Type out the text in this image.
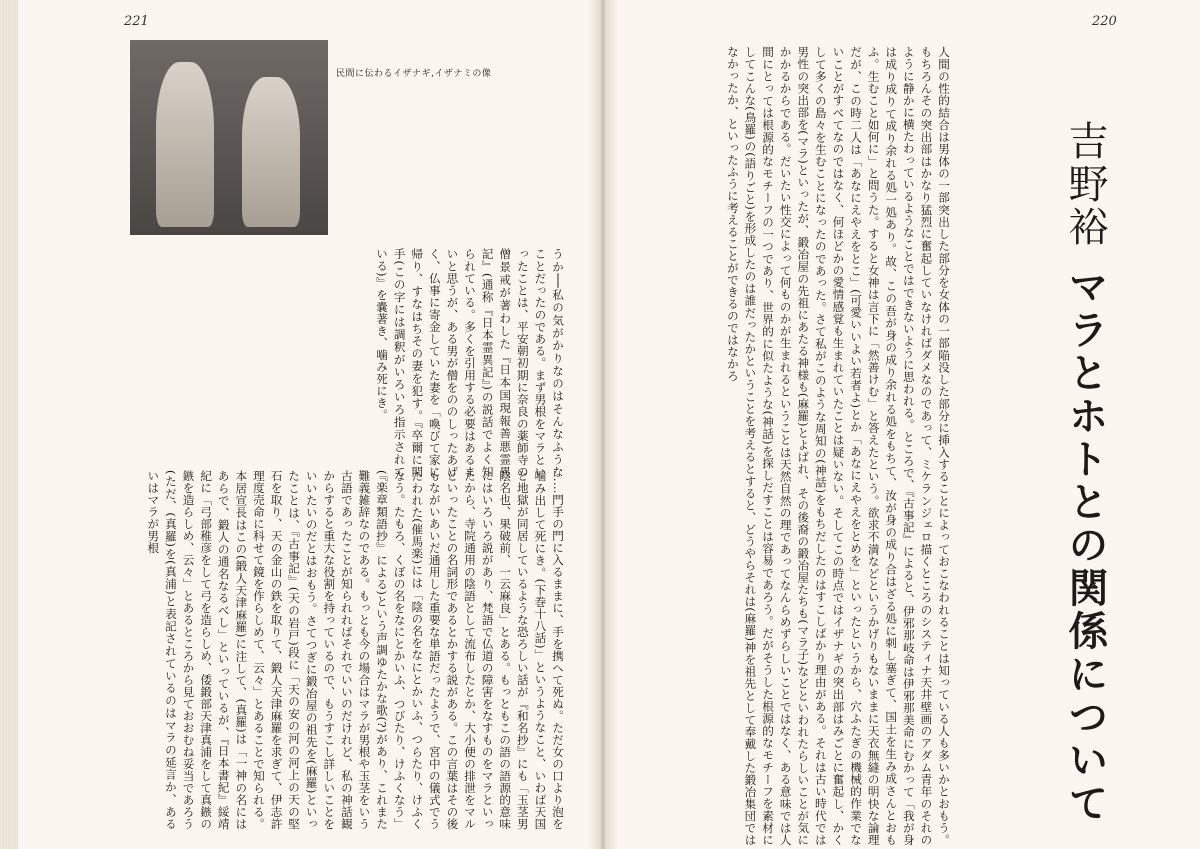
221
民間に伝わるイザナギ,イザナミの像
うか──私の気がかりなのはそんなふうなことだったのである。まず男根をマラといったことは、平安朝初期に奈良の薬師寺の僧景戒が著わした『日本国現報善悪霊異記』(通称『日本霊異記』)の説話でよく知られている。多くを引用する必要はあるまいと思うが、ある男が僧をののしったあげく、仏事に寄金していた妻を「喚びて家に帰り、すなはちその妻を犯す。『卒爾に閇手(この字には調釈がいろいろ指示されている)』を嚢著き、噛み死にき。
……門手の門に入るままに、手を携へて死ぬ。ただ女の口より泡を噛み出して死にき。(下巻十八話)」というようなこと、いわば天国と地獄が同居しているような恐ろしい話が『和名抄』にも「玉茎男陰名也、果破前、一云麻良」とある。もっともこの語の語源的意味にはいろいろ説があり、梵語で仏道の障害をなすものをマラといったから、寺院通用の陰語として流布したとか、大小便の排泄をマルといったことの名詞形であるとかする説がある。この言葉はその後もながいあいだ通用した重要な単語だったようで、宮中の儀式でうたわれた(催馬楽)には「陰の名をなにとかいふ、つらたり、けふくなう。たもろ、くぼの名をなにとかいふ、つびたり、けふくなう」(『楽章類語抄』による)という声調ゆたかな歌(?)があり、これまた難義雑辞なのである。もっとも今の場合はマラが男根や玉茎をいう古語であったことが知られればそれでいいのだけれど、私の神話観からすると重大な役割を持っているので、もうすこし詳しいことをいいたいのだとはおもう。さてつぎに鍛冶屋の祖先を(麻羅)といったことは、『古事記』(天の岩戸)段に「天の安の河の河上の天の堅石を取り、天の金山の鉄を取りて、鍛人天津麻羅を求ぎて、伊志許理度売命に科せて鏡を作らしめて、云々」とあることで知られる。本居宣長はこの(鍛人天津麻羅)に注して、(真羅)は「一神の名にはあらで、鍛人の通名なるべし」といっているが、『日本書紀』綏靖紀に「弓部稚彦をして弓を造らしめ、倭鍛部天津真浦をして真鏃の鏃を造らしめ、云々」とあるところから見ておおむね妥当であろう(ただ、(真羅)を(真浦)と表記されているのはマラの延言か、あるいはマラが男根
220
人間の性的結合は男体の一部突出した部分を女体の一部陥没した部分に挿入することによっておこなわれることは知っている人も多いかとおもう。もちろんその突出部はかなり猛烈に奮起していなければダメなのであって、ミケランジェロ描くところのシスティナ天井壁画のアダム青年のそれのように静かに横たわっているようなことではできないように思われる。ところで、『古事記』によると、伊邪那岐命は伊邪那美命にむかって「我が身は成り成りて成り余れる処一処あり。故、この吾が身の成り余れる処をもちて、汝が身の成り合はざる処に刺し塞ぎて、国土を生み成さんとおもふ。生むこと如何に」と問うた。すると女神は言下に「然善けむ」と答えたという。欲求不満などというかげりもないままに天衣無縫の明快な論理だが、この時二人は「あなにえやえをとこ」(可愛いいよい若者よ)とか「あなにえやえをとめを」といったというから、穴ふたぎの機械的作業でないことがすべてなのではなく、何ほどかの愛情感覚も生まれていたことは疑いない。そしてこの時点ではイザナギの突出部はみごとに奮起し、かくして多くの島々を生むことになったのであった。さて私がこのような周知の(神話)をもちだしたのはすこしばかり理由がある。それは古い時代では男性の突出部を(マラ)といったが、鍛冶屋の先祖にあたる神様も(麻羅)とよばれ、その後裔の鍛冶屋たちも(マラ子)などといわれたらしいことが気にかかるからである。だいたい性交によって何ものかが生まれるということは天然自然の理であってなんらめずらしいことではなく、ある意味では人間にとっては根源的なモチーフの一つであり、世界的に似たような(神話)を探しだすことは容易であろう。だがそうした根源的なモチーフを素材にしてこんな(鳥羅)の(語りごと)を形成したのは誰だったかということを考えるとすると、どうやらそれは(麻羅)神を祖先として奉戴した鍛冶集団ではなかったか、といったふうに考えることができるのではなかろ	吉野裕 マラとホトとの関係について
